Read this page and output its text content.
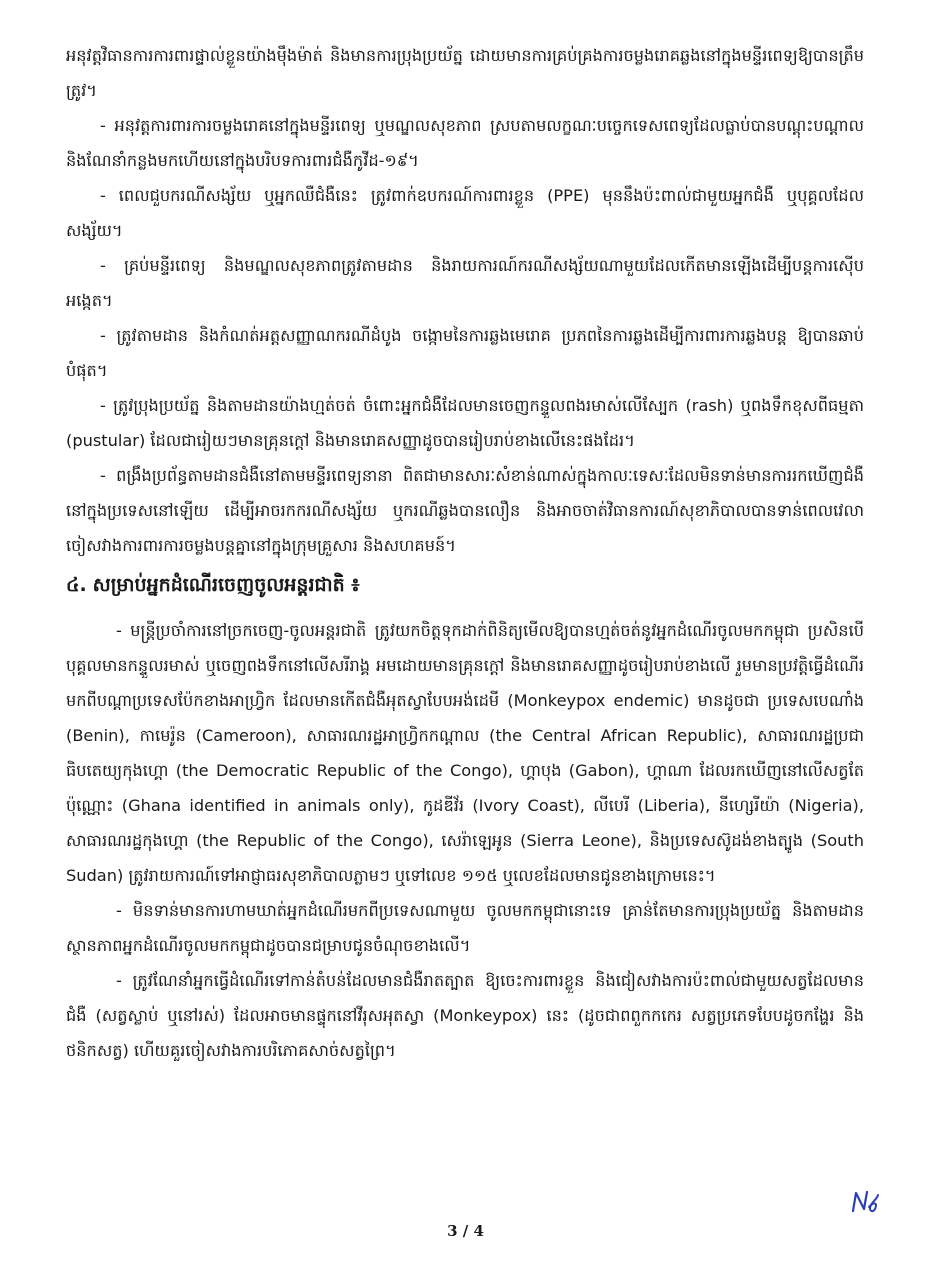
អនុវត្តវិធានការការពារផ្ទាល់ខ្លួនយ៉ាងម៉ឹងម៉ាត់ និងមានការប្រុងប្រយ័ត្ន ដោយមានការគ្រប់គ្រងការចម្លងរោគឆ្លងនៅក្នុងមន្ទីរពេទ្យឱ្យបានត្រឹមត្រូវ។

- អនុវត្តការពារការចម្លងរោគនៅក្នុងមន្ទីរពេទ្យ ឬមណ្ឌលសុខភាព ស្របតាមលក្ខណៈបច្ចេកទេសពេទ្យដែលធ្លាប់បានបណ្តុះបណ្តាល និងណែនាំកន្លងមកហើយនៅក្នុងបរិបទការពារជំងឺកូវីដ-១៩។

- ពេលជួបករណីសង្ស័យ ឬអ្នកឈឺជំងឺនេះ ត្រូវពាក់ឧបករណ៍ការពារខ្លួន (PPE) មុននឹងប៉ះពាល់ជាមួយអ្នកជំងឺ ឬបុគ្គលដែលសង្ស័យ។

- គ្រប់មន្ទីរពេទ្យ និងមណ្ឌលសុខភាពត្រូវតាមដាន និងរាយការណ៍ករណីសង្ស័យណាមួយដែលកើតមានឡើងដើម្បីបន្តការស៊ើបអង្កេត។

- ត្រូវតាមដាន និងកំណត់អត្តសញ្ញាណករណីដំបូង ចង្កោមនៃការឆ្លងមេរោគ ប្រភពនៃការឆ្លងដើម្បីការពារការឆ្លងបន្ត ឱ្យបានឆាប់បំផុត។

- ត្រូវប្រុងប្រយ័ត្ន និងតាមដានយ៉ាងហ្មត់ចត់ ចំពោះអ្នកជំងឺដែលមានចេញកន្ទួលពងរមាស់លើស្បែក (rash) ឬពងទឹកខុសពីធម្មតា (pustular) ដែលជារៀយៗមានគ្រុនក្តៅ និងមានរោគសញ្ញាដូចបានរៀបរាប់ខាងលើនេះផងដែរ។

- ពង្រឹងប្រព័ន្ធតាមដានជំងឺនៅតាមមន្ទីរពេទ្យនានា ពិតជាមានសារៈសំខាន់ណាស់ក្នុងកាលៈទេសៈដែលមិនទាន់មានការរកឃើញជំងឺនៅក្នុងប្រទេសនៅឡើយ ដើម្បីអាចរកករណីសង្ស័យ ឬករណីឆ្លងបានលឿន និងអាចចាត់វិធានការណ៍សុខាភិបាលបានទាន់ពេលវេលា ចៀសវាងការពារការចម្លងបន្តគ្នានៅក្នុងក្រុមគ្រួសារ និងសហគមន៍។

៤. សម្រាប់អ្នកដំណើរចេញចូលអន្តរជាតិ ៖

- មន្ត្រីប្រចាំការនៅច្រកចេញ-ចូលអន្តរជាតិ ត្រូវយកចិត្តទុកដាក់ពិនិត្យមើលឱ្យបានហ្មត់ចត់នូវអ្នកដំណើរចូលមកកម្ពុជា ប្រសិនបើបុគ្គលមានកន្ទួលរមាស់ ឬចេញពងទឹកនៅលើសរីរាង្គ អមដោយមានគ្រុនក្តៅ និងមានរោគសញ្ញាដូចរៀបរាប់ខាងលើ រួមមានប្រវត្តិធ្វើដំណើរមកពីបណ្តាប្រទេសប៉ែកខាងអាហ្វ្រិក ដែលមានកើតជំងឺអុតស្វាបែបអង់ដេមី (Monkeypox endemic) មានដូចជា ប្រទេសបេណាំង (Benin), កាមេរ៉ូន (Cameroon), សាធារណរដ្ឋអាហ្វ្រិកកណ្តាល (the Central African Republic), សាធារណរដ្ឋប្រជាធិបតេយ្យកុងហ្គោ (the Democratic Republic of the Congo), ហ្គាបុង (Gabon), ហ្គាណា ដែលរកឃើញនៅលើសត្វតែប៉ុណ្ណោះ (Ghana identified in animals only), កូដឌីវ័រ (Ivory Coast), លីបេរី (Liberia), នីហ្សេរីយ៉ា (Nigeria), សាធារណរដ្ឋកុងហ្គោ (the Republic of the Congo), សេរ៉ាឡេអូន (Sierra Leone), និងប្រទេសស៊ូដង់ខាងត្បូង (South Sudan) ត្រូវរាយការណ៍ទៅអាជ្ញាធរសុខាភិបាលភ្លាមៗ ឬទៅលេខ ១១៥ ឬលេខដែលមានជូនខាងក្រោមនេះ។

- មិនទាន់មានការហាមឃាត់អ្នកដំណើរមកពីប្រទេសណាមួយ ចូលមកកម្ពុជានោះទេ គ្រាន់តែមានការប្រុងប្រយ័ត្ន និងតាមដានស្ថានភាពអ្នកដំណើរចូលមកកម្ពុជាដូចបានជម្រាបជូនចំណុចខាងលើ។

- ត្រូវណែនាំអ្នកធ្វើដំណើរទៅកាន់តំបន់ដែលមានជំងឺរាតត្បាត ឱ្យចេះការពារខ្លួន និងជៀសវាងការប៉ះពាល់ជាមួយសត្វដែលមានជំងឺ (សត្វស្លាប់ ឬនៅរស់) ដែលអាចមានផ្ទុកនៅវីរុសអុតស្វា (Monkeypox) នេះ (ដូចជាពពួកកកេរ សត្វប្រភេទបែបដូចកង្ហែរ និងថនិកសត្វ) ហើយគួរចៀសវាងការបរិភោគសាច់សត្វព្រៃ។

3 / 4
